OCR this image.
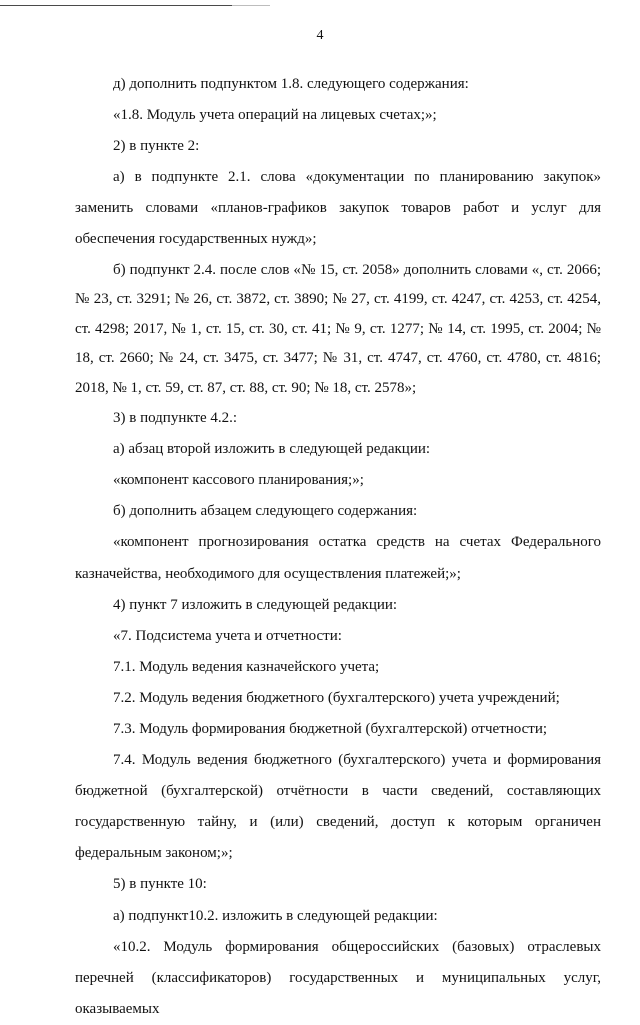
4

д) дополнить подпунктом 1.8. следующего содержания:

«1.8. Модуль учета операций на лицевых счетах;»;

2) в пункте 2:

а) в подпункте 2.1. слова «документации по планированию закупок» заменить словами «планов-графиков закупок товаров работ и услуг для обеспечения государственных нужд»;

б) подпункт 2.4. после слов «№ 15, ст. 2058» дополнить словами «, ст. 2066; № 23, ст. 3291; № 26, ст. 3872, ст. 3890; № 27, ст. 4199, ст. 4247, ст. 4253, ст. 4254, ст. 4298; 2017, № 1, ст. 15, ст. 30, ст. 41; № 9, ст. 1277; № 14, ст. 1995, ст. 2004; № 18, ст. 2660; № 24, ст. 3475, ст. 3477; № 31, ст. 4747, ст. 4760, ст. 4780, ст. 4816; 2018, № 1, ст. 59, ст. 87, ст. 88, ст. 90; № 18, ст. 2578»;

3) в подпункте 4.2.:

а) абзац второй изложить в следующей редакции:

«компонент кассового планирования;»;

б) дополнить абзацем следующего содержания:

«компонент прогнозирования остатка средств на счетах Федерального казначейства, необходимого для осуществления платежей;»;

4) пункт 7 изложить в следующей редакции:

«7. Подсистема учета и отчетности:

7.1. Модуль ведения казначейского учета;

7.2. Модуль ведения бюджетного (бухгалтерского) учета учреждений;

7.3. Модуль формирования бюджетной (бухгалтерской) отчетности;

7.4. Модуль ведения бюджетного (бухгалтерского) учета и формирования бюджетной (бухгалтерской) отчётности в части сведений, составляющих государственную тайну, и (или) сведений, доступ к которым органичен федеральным законом;»;

5) в пункте 10:

а) подпункт10.2. изложить в следующей редакции:

«10.2. Модуль формирования общероссийских (базовых) отраслевых перечней (классификаторов) государственных и муниципальных услуг, оказываемых
